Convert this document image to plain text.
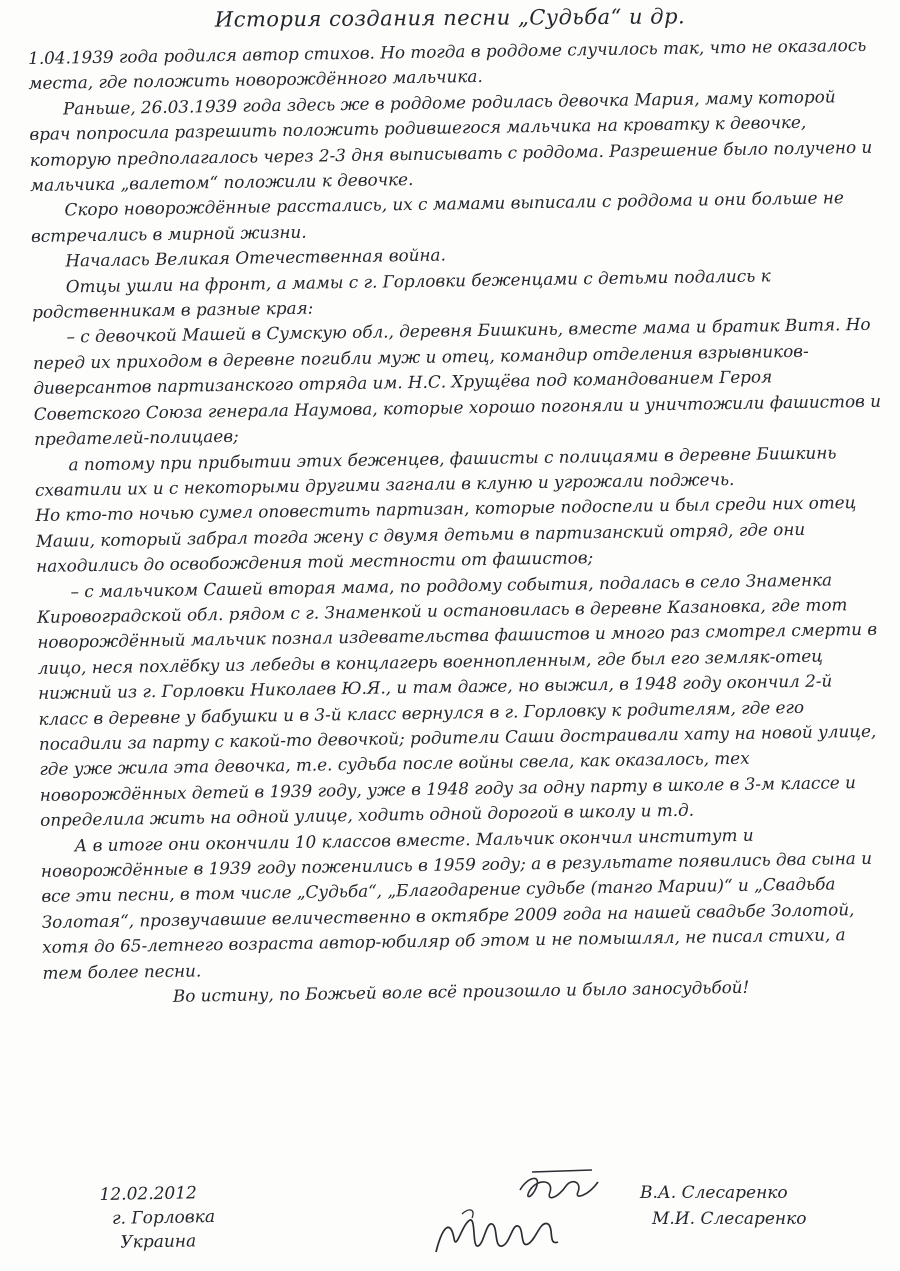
История создания песни „Судьба“ и др.

1.04.1939 года родился автор стихов. Но тогда в роддоме случилось так, что не оказалось места, где положить новорождённого мальчика.

Раньше, 26.03.1939 года здесь же в роддоме родилась девочка Мария, маму которой врач попросила разрешить положить родившегося мальчика на кроватку к девочке, которую предполагалось через 2-3 дня выписывать с роддома. Разрешение было получено и мальчика „валетом“ положили к девочке.

Скоро новорождённые расстались, их с мамами выписали с роддома и они больше не встречались в мирной жизни.

Началась Великая Отечественная война.

Отцы ушли на фронт, а мамы с г. Горловки беженцами с детьми подались к родственникам в разные края:

– с девочкой Машей в Сумскую обл., деревня Бишкинь, вместе мама и братик Витя. Но перед их приходом в деревне погибли муж и отец, командир отделения взрывников-диверсантов партизанского отряда им. Н.С. Хрущёва под командованием Героя Советского Союза генерала Наумова, которые хорошо погоняли и уничтожили фашистов и предателей-полицаев;

а потому при прибытии этих беженцев, фашисты с полицаями в деревне Бишкинь схватили их и с некоторыми другими загнали в клуню и угрожали поджечь.

Но кто-то ночью сумел оповестить партизан, которые подоспели и был среди них отец Маши, который забрал тогда жену с двумя детьми в партизанский отряд, где они находились до освобождения той местности от фашистов;

– с мальчиком Сашей вторая мама, по роддому события, подалась в село Знаменка Кировоградской обл. рядом с г. Знаменкой и остановилась в деревне Казановка, где тот новорождённый мальчик познал издевательства фашистов и много раз смотрел смерти в лицо, неся похлёбку из лебеды в концлагерь военнопленным, где был его земляк-отец нижний из г. Горловки Николаев Ю.Я., и там даже, но выжил, в 1948 году окончил 2-й класс в деревне у бабушки и в 3-й класс вернулся в г. Горловку к родителям, где его посадили за парту с какой-то девочкой; родители Саши достраивали хату на новой улице, где уже жила эта девочка, т.е. судьба после войны свела, как оказалось, тех новорождённых детей в 1939 году, уже в 1948 году за одну парту в школе в 3-м классе и определила жить на одной улице, ходить одной дорогой в школу и т.д.

А в итоге они окончили 10 классов вместе. Мальчик окончил институт и новорождённые в 1939 году поженились в 1959 году; а в результате появились два сына и все эти песни, в том числе „Судьба“, „Благодарение судьбе (танго Марии)“ и „Свадьба Золотая“, прозвучавшие величественно в октябре 2009 года на нашей свадьбе Золотой, хотя до 65-летнего возраста автор-юбиляр об этом и не помышлял, не писал стихи, а тем более песни.

Во истину, по Божьей воле всё произошло и было заносудьбой!

12.02.2012
г. Горловка
Украина
В.А. Слесаренко
М.И. Слесаренко
